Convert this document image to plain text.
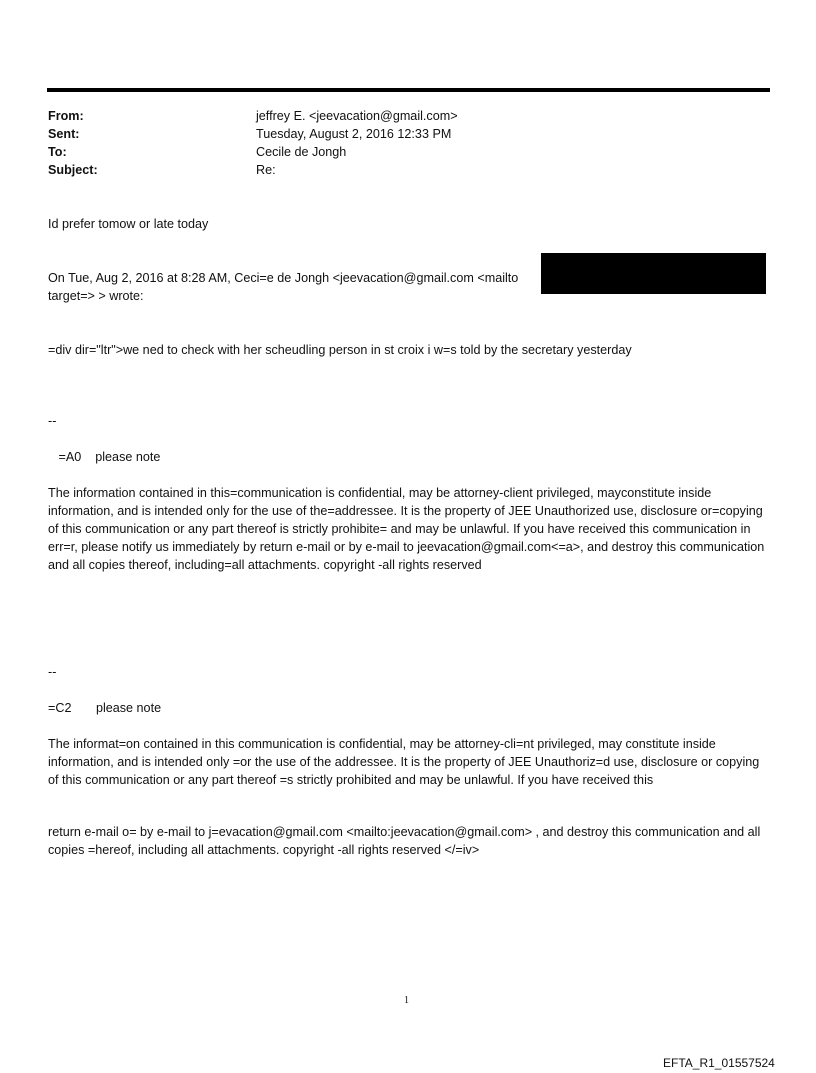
From:	jeffrey E. <jeevacation@gmail.com>
Sent:	Tuesday, August 2, 2016 12:33 PM
To:	Cecile de Jongh
Subject:	Re:
Id prefer tomow or late today
On Tue, Aug 2, 2016 at 8:28 AM, Ceci=e de Jongh <jeevacation@gmail.com <mailto
target=> > wrote:
=div dir="ltr">we ned to check with her scheudling person in st croix i w=s told by the secretary yesterday
--
=A0    please note
The information contained in this=communication is confidential, may be attorney-client privileged, mayconstitute inside information, and is intended only for the use of the=addressee. It is the property of JEE Unauthorized use, disclosure or=copying of this communication or any part thereof is strictly prohibite= and may be unlawful. If you have received this communication in err=r, please notify us immediately by return e-mail or by e-mail to jeevacation@gmail.com<=a>, and destroy this communication and all copies thereof, including=all attachments. copyright -all rights reserved
--
=C2       please note
The informat=on contained in this communication is confidential, may be attorney-cli=nt privileged, may constitute inside information, and is intended only =or the use of the addressee. It is the property of JEE Unauthoriz=d use, disclosure or copying of this communication or any part thereof =s strictly prohibited and may be unlawful. If you have received this
return e-mail o= by e-mail to j=evacation@gmail.com <mailto:jeevacation@gmail.com> , and destroy this communication and all copies =hereof, including all attachments. copyright -all rights reserved </=iv>
1
EFTA_R1_01557524
